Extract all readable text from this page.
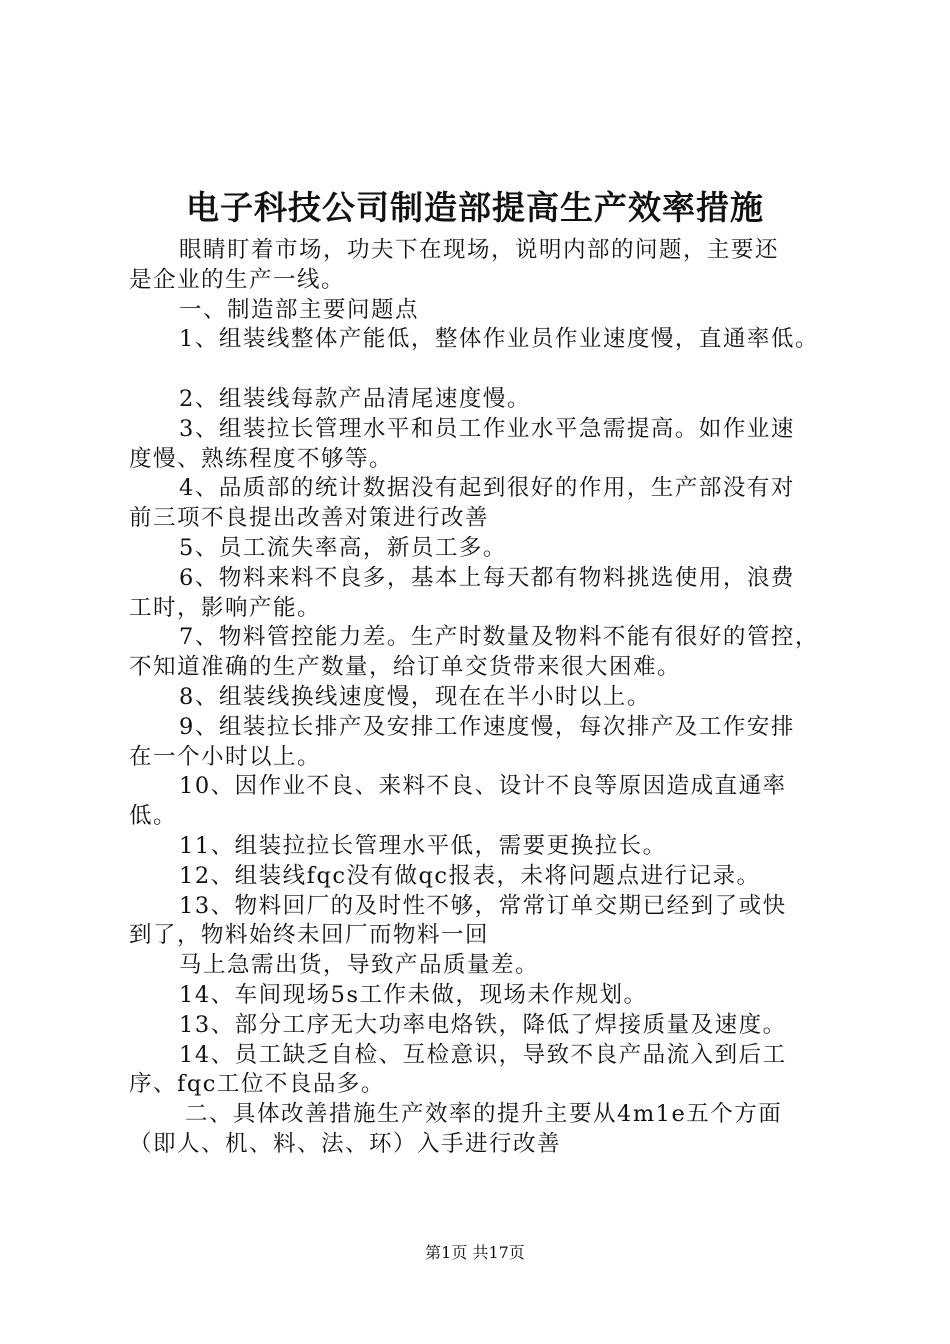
电子科技公司制造部提高生产效率措施

眼睛盯着市场，功夫下在现场，说明内部的问题，主要还

是企业的生产一线。

一、制造部主要问题点

1、组装线整体产能低，整体作业员作业速度慢，直通率低。

2、组装线每款产品清尾速度慢。

3、组装拉长管理水平和员工作业水平急需提高。如作业速

度慢、熟练程度不够等。

4、品质部的统计数据没有起到很好的作用，生产部没有对

前三项不良提出改善对策进行改善

5、员工流失率高，新员工多。

6、物料来料不良多，基本上每天都有物料挑选使用，浪费

工时，影响产能。

7、物料管控能力差。生产时数量及物料不能有很好的管控，

不知道准确的生产数量，给订单交货带来很大困难。

8、组装线换线速度慢，现在在半小时以上。

9、组装拉长排产及安排工作速度慢，每次排产及工作安排

在一个小时以上。

10、因作业不良、来料不良、设计不良等原因造成直通率

低。

11、组装拉拉长管理水平低，需要更换拉长。

12、组装线fqc没有做qc报表，未将问题点进行记录。

13、物料回厂的及时性不够，常常订单交期已经到了或快

到了，物料始终未回厂而物料一回

马上急需出货，导致产品质量差。

14、车间现场5s工作未做，现场未作规划。

13、部分工序无大功率电烙铁，降低了焊接质量及速度。

14、员工缺乏自检、互检意识，导致不良产品流入到后工

序、fqc工位不良品多。

二、具体改善措施生产效率的提升主要从4m1e五个方面

（即人、机、料、法、环）入手进行改善

第1页 共17页
